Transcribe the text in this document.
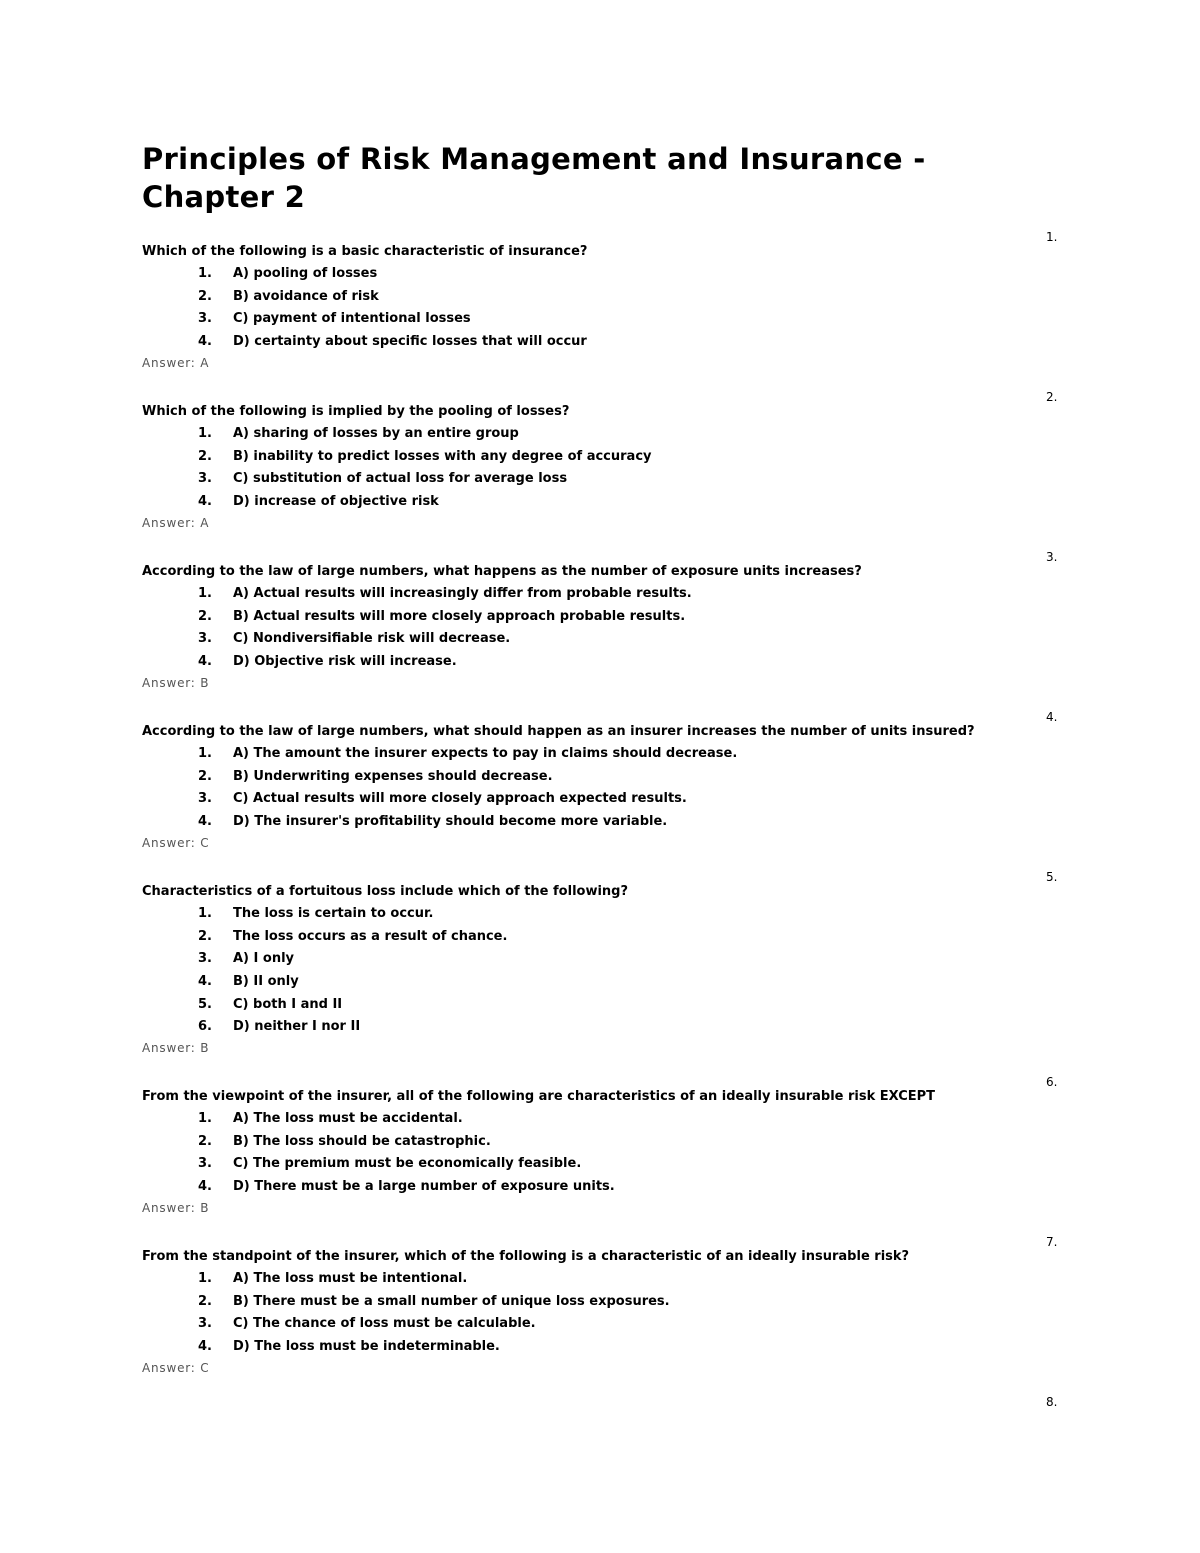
Principles of Risk Management and Insurance - Chapter 2
1.
Which of the following is a basic characteristic of insurance?
1.	A) pooling of losses
2.	B) avoidance of risk
3.	C) payment of intentional losses
4.	D) certainty about specific losses that will occur
Answer: A
2.
Which of the following is implied by the pooling of losses?
1.	A) sharing of losses by an entire group
2.	B) inability to predict losses with any degree of accuracy
3.	C) substitution of actual loss for average loss
4.	D) increase of objective risk
Answer: A
3.
According to the law of large numbers, what happens as the number of exposure units increases?
1.	A) Actual results will increasingly differ from probable results.
2.	B) Actual results will more closely approach probable results.
3.	C) Nondiversifiable risk will decrease.
4.	D) Objective risk will increase.
Answer: B
4.
According to the law of large numbers, what should happen as an insurer increases the number of units insured?
1.	A) The amount the insurer expects to pay in claims should decrease.
2.	B) Underwriting expenses should decrease.
3.	C) Actual results will more closely approach expected results.
4.	D) The insurer's profitability should become more variable.
Answer: C
5.
Characteristics of a fortuitous loss include which of the following?
1.	The loss is certain to occur.
2.	The loss occurs as a result of chance.
3.	A) I only
4.	B) II only
5.	C) both I and II
6.	D) neither I nor II
Answer: B
6.
From the viewpoint of the insurer, all of the following are characteristics of an ideally insurable risk EXCEPT
1.	A) The loss must be accidental.
2.	B) The loss should be catastrophic.
3.	C) The premium must be economically feasible.
4.	D) There must be a large number of exposure units.
Answer: B
7.
From the standpoint of the insurer, which of the following is a characteristic of an ideally insurable risk?
1.	A) The loss must be intentional.
2.	B) There must be a small number of unique loss exposures.
3.	C) The chance of loss must be calculable.
4.	D) The loss must be indeterminable.
Answer: C
8.
